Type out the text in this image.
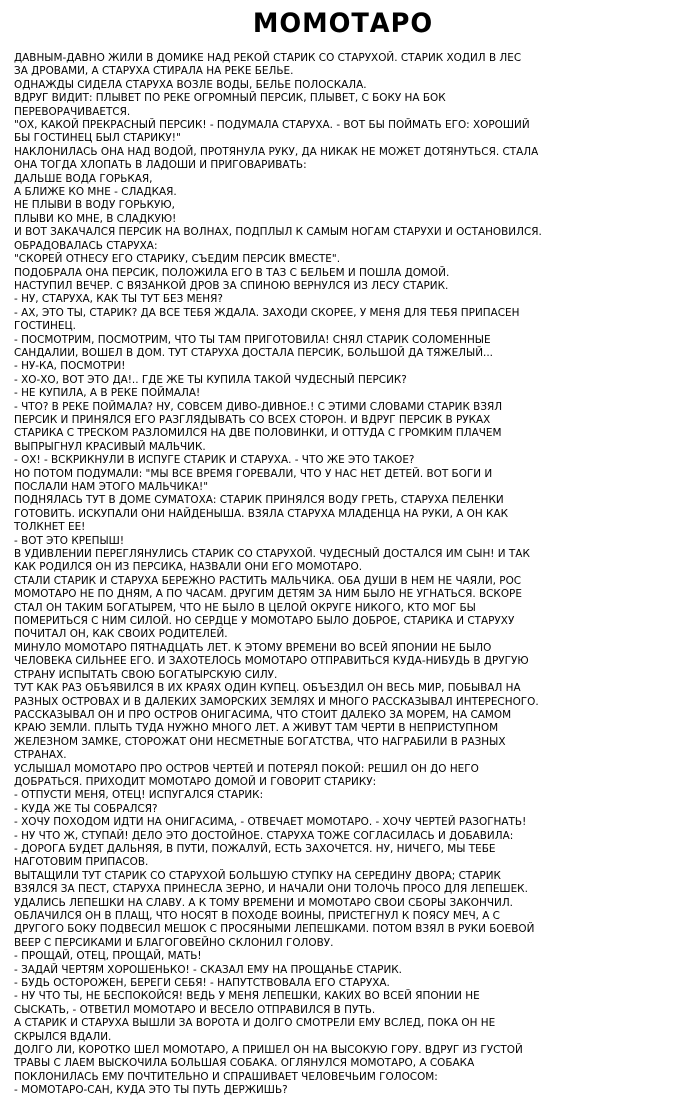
МОМОТАРО
ДАВНЫМ-ДАВНО ЖИЛИ В ДОМИКЕ НАД РЕКОЙ СТАРИК СО СТАРУХОЙ. СТАРИК ХОДИЛ В ЛЕС
ЗА ДРОВАМИ, А СТАРУХА СТИРАЛА НА РЕКЕ БЕЛЬЕ.
ОДНАЖДЫ СИДЕЛА СТАРУХА ВОЗЛЕ ВОДЫ, БЕЛЬЕ ПОЛОСКАЛА.
ВДРУГ ВИДИТ: ПЛЫВЕТ ПО РЕКЕ ОГРОМНЫЙ ПЕРСИК, ПЛЫВЕТ, С БОКУ НА БОК
ПЕРЕВОРАЧИВАЕТСЯ.
"ОХ, КАКОЙ ПРЕКРАСНЫЙ ПЕРСИК! - ПОДУМАЛА СТАРУХА. - ВОТ БЫ ПОЙМАТЬ ЕГО: ХОРОШИЙ
БЫ ГОСТИНЕЦ БЫЛ СТАРИКУ!"
НАКЛОНИЛАСЬ ОНА НАД ВОДОЙ, ПРОТЯНУЛА РУКУ, ДА НИКАК НЕ МОЖЕТ ДОТЯНУТЬСЯ. СТАЛА
ОНА ТОГДА ХЛОПАТЬ В ЛАДОШИ И ПРИГОВАРИВАТЬ:
ДАЛЬШЕ ВОДА ГОРЬКАЯ,
А БЛИЖЕ КО МНЕ - СЛАДКАЯ.
НЕ ПЛЫВИ В ВОДУ ГОРЬКУЮ,
ПЛЫВИ КО МНЕ, В СЛАДКУЮ!
И ВОТ ЗАКАЧАЛСЯ ПЕРСИК НА ВОЛНАХ, ПОДПЛЫЛ К САМЫМ НОГАМ СТАРУХИ И ОСТАНОВИЛСЯ.
ОБРАДОВАЛАСЬ СТАРУХА:
"СКОРЕЙ ОТНЕСУ ЕГО СТАРИКУ, СЪЕДИМ ПЕРСИК ВМЕСТЕ".
ПОДОБРАЛА ОНА ПЕРСИК, ПОЛОЖИЛА ЕГО В ТАЗ С БЕЛЬЕМ И ПОШЛА ДОМОЙ.
НАСТУПИЛ ВЕЧЕР. С ВЯЗАНКОЙ ДРОВ ЗА СПИНОЮ ВЕРНУЛСЯ ИЗ ЛЕСУ СТАРИК.
- НУ, СТАРУХА, КАК ТЫ ТУТ БЕЗ МЕНЯ?
- АХ, ЭТО ТЫ, СТАРИК? ДА ВСЕ ТЕБЯ ЖДАЛА. ЗАХОДИ СКОРЕЕ, У МЕНЯ ДЛЯ ТЕБЯ ПРИПАСЕН
ГОСТИНЕЦ.
- ПОСМОТРИМ, ПОСМОТРИМ, ЧТО ТЫ ТАМ ПРИГОТОВИЛА! СНЯЛ СТАРИК СОЛОМЕННЫЕ
САНДАЛИИ, ВОШЕЛ В ДОМ. ТУТ СТАРУХА ДОСТАЛА ПЕРСИК, БОЛЬШОЙ ДА ТЯЖЕЛЫЙ...
- НУ-КА, ПОСМОТРИ!
- ХО-ХО, ВОТ ЭТО ДА!.. ГДЕ ЖЕ ТЫ КУПИЛА ТАКОЙ ЧУДЕСНЫЙ ПЕРСИК?
- НЕ КУПИЛА, А В РЕКЕ ПОЙМАЛА!
- ЧТО? В РЕКЕ ПОЙМАЛА? НУ, СОВСЕМ ДИВО-ДИВНОЕ.! С ЭТИМИ СЛОВАМИ СТАРИК ВЗЯЛ
ПЕРСИК И ПРИНЯЛСЯ ЕГО РАЗГЛЯДЫВАТЬ СО ВСЕХ СТОРОН. И ВДРУГ ПЕРСИК В РУКАХ
СТАРИКА С ТРЕСКОМ РАЗЛОМИЛСЯ НА ДВЕ ПОЛОВИНКИ, И ОТТУДА С ГРОМКИМ ПЛАЧЕМ
ВЫПРЫГНУЛ КРАСИВЫЙ МАЛЬЧИК.
- ОХ! - ВСКРИКНУЛИ В ИСПУГЕ СТАРИК И СТАРУХА. - ЧТО ЖЕ ЭТО ТАКОЕ?
НО ПОТОМ ПОДУМАЛИ: "МЫ ВСЕ ВРЕМЯ ГОРЕВАЛИ, ЧТО У НАС НЕТ ДЕТЕЙ. ВОТ БОГИ И
ПОСЛАЛИ НАМ ЭТОГО МАЛЬЧИКА!"
ПОДНЯЛАСЬ ТУТ В ДОМЕ СУМАТОХА: СТАРИК ПРИНЯЛСЯ ВОДУ ГРЕТЬ, СТАРУХА ПЕЛЕНКИ
ГОТОВИТЬ. ИСКУПАЛИ ОНИ НАЙДЕНЫША. ВЗЯЛА СТАРУХА МЛАДЕНЦА НА РУКИ, А ОН КАК
ТОЛКНЕТ ЕЕ!
- ВОТ ЭТО КРЕПЫШ!
В УДИВЛЕНИИ ПЕРЕГЛЯНУЛИСЬ СТАРИК СО СТАРУХОЙ. ЧУДЕСНЫЙ ДОСТАЛСЯ ИМ СЫН! И ТАК
КАК РОДИЛСЯ ОН ИЗ ПЕРСИКА, НАЗВАЛИ ОНИ ЕГО МОМОТАРО.
СТАЛИ СТАРИК И СТАРУХА БЕРЕЖНО РАСТИТЬ МАЛЬЧИКА. ОБА ДУШИ В НЕМ НЕ ЧАЯЛИ, РОС
МОМОТАРО НЕ ПО ДНЯМ, А ПО ЧАСАМ. ДРУГИМ ДЕТЯМ ЗА НИМ БЫЛО НЕ УГНАТЬСЯ. ВСКОРЕ
СТАЛ ОН ТАКИМ БОГАТЫРЕМ, ЧТО НЕ БЫЛО В ЦЕЛОЙ ОКРУГЕ НИКОГО, КТО МОГ БЫ
ПОМЕРИТЬСЯ С НИМ СИЛОЙ. НО СЕРДЦЕ У МОМОТАРО БЫЛО ДОБРОЕ, СТАРИКА И СТАРУХУ
ПОЧИТАЛ ОН, КАК СВОИХ РОДИТЕЛЕЙ.
МИНУЛО МОМОТАРО ПЯТНАДЦАТЬ ЛЕТ. К ЭТОМУ ВРЕМЕНИ ВО ВСЕЙ ЯПОНИИ НЕ БЫЛО
ЧЕЛОВЕКА СИЛЬНЕЕ ЕГО. И ЗАХОТЕЛОСЬ МОМОТАРО ОТПРАВИТЬСЯ КУДА-НИБУДЬ В ДРУГУЮ
СТРАНУ ИСПЫТАТЬ СВОЮ БОГАТЫРСКУЮ СИЛУ.
ТУТ КАК РАЗ ОБЪЯВИЛСЯ В ИХ КРАЯХ ОДИН КУПЕЦ. ОБЪЕЗДИЛ ОН ВЕСЬ МИР, ПОБЫВАЛ НА
РАЗНЫХ ОСТРОВАХ И В ДАЛЕКИХ ЗАМОРСКИХ ЗЕМЛЯХ И МНОГО РАССКАЗЫВАЛ ИНТЕРЕСНОГО.
РАССКАЗЫВАЛ ОН И ПРО ОСТРОВ ОНИГАСИМА, ЧТО СТОИТ ДАЛЕКО ЗА МОРЕМ, НА САМОМ
КРАЮ ЗЕМЛИ. ПЛЫТЬ ТУДА НУЖНО МНОГО ЛЕТ. А ЖИВУТ ТАМ ЧЕРТИ В НЕПРИСТУПНОМ
ЖЕЛЕЗНОМ ЗАМКЕ, СТОРОЖАТ ОНИ НЕСМЕТНЫЕ БОГАТСТВА, ЧТО НАГРАБИЛИ В РАЗНЫХ
СТРАНАХ.
УСЛЫШАЛ МОМОТАРО ПРО ОСТРОВ ЧЕРТЕЙ И ПОТЕРЯЛ ПОКОЙ: РЕШИЛ ОН ДО НЕГО
ДОБРАТЬСЯ. ПРИХОДИТ МОМОТАРО ДОМОЙ И ГОВОРИТ СТАРИКУ:
- ОТПУСТИ МЕНЯ, ОТЕЦ! ИСПУГАЛСЯ СТАРИК:
- КУДА ЖЕ ТЫ СОБРАЛСЯ?
- ХОЧУ ПОХОДОМ ИДТИ НА ОНИГАСИМА, - ОТВЕЧАЕТ МОМОТАРО. - ХОЧУ ЧЕРТЕЙ РАЗОГНАТЬ!
- НУ ЧТО Ж, СТУПАЙ! ДЕЛО ЭТО ДОСТОЙНОЕ. СТАРУХА ТОЖЕ СОГЛАСИЛАСЬ И ДОБАВИЛА:
- ДОРОГА БУДЕТ ДАЛЬНЯЯ, В ПУТИ, ПОЖАЛУЙ, ЕСТЬ ЗАХОЧЕТСЯ. НУ, НИЧЕГО, МЫ ТЕБЕ
НАГОТОВИМ ПРИПАСОВ.
ВЫТАЩИЛИ ТУТ СТАРИК СО СТАРУХОЙ БОЛЬШУЮ СТУПКУ НА СЕРЕДИНУ ДВОРА; СТАРИК
ВЗЯЛСЯ ЗА ПЕСТ, СТАРУХА ПРИНЕСЛА ЗЕРНО, И НАЧАЛИ ОНИ ТОЛОЧЬ ПРОСО ДЛЯ ЛЕПЕШЕК.
УДАЛИСЬ ЛЕПЕШКИ НА СЛАВУ. А К ТОМУ ВРЕМЕНИ И МОМОТАРО СВОИ СБОРЫ ЗАКОНЧИЛ.
ОБЛАЧИЛСЯ ОН В ПЛАЩ, ЧТО НОСЯТ В ПОХОДЕ ВОИНЫ, ПРИСТЕГНУЛ К ПОЯСУ МЕЧ, А С
ДРУГОГО БОКУ ПОДВЕСИЛ МЕШОК С ПРОСЯНЫМИ ЛЕПЕШКАМИ. ПОТОМ ВЗЯЛ В РУКИ БОЕВОЙ
ВЕЕР С ПЕРСИКАМИ И БЛАГОГОВЕЙНО СКЛОНИЛ ГОЛОВУ.
- ПРОЩАЙ, ОТЕЦ, ПРОЩАЙ, МАТЬ!
- ЗАДАЙ ЧЕРТЯМ ХОРОШЕНЬКО! - СКАЗАЛ ЕМУ НА ПРОЩАНЬЕ СТАРИК.
- БУДЬ ОСТОРОЖЕН, БЕРЕГИ СЕБЯ! - НАПУТСТВОВАЛА ЕГО СТАРУХА.
- НУ ЧТО ТЫ, НЕ БЕСПОКОЙСЯ! ВЕДЬ У МЕНЯ ЛЕПЕШКИ, КАКИХ ВО ВСЕЙ ЯПОНИИ НЕ
СЫСКАТЬ, - ОТВЕТИЛ МОМОТАРО И ВЕСЕЛО ОТПРАВИЛСЯ В ПУТЬ.
А СТАРИК И СТАРУХА ВЫШЛИ ЗА ВОРОТА И ДОЛГО СМОТРЕЛИ ЕМУ ВСЛЕД, ПОКА ОН НЕ
СКРЫЛСЯ ВДАЛИ.
ДОЛГО ЛИ, КОРОТКО ШЕЛ МОМОТАРО, А ПРИШЕЛ ОН НА ВЫСОКУЮ ГОРУ. ВДРУГ ИЗ ГУСТОЙ
ТРАВЫ С ЛАЕМ ВЫСКОЧИЛА БОЛЬШАЯ СОБАКА. ОГЛЯНУЛСЯ МОМОТАРО, А СОБАКА
ПОКЛОНИЛАСЬ ЕМУ ПОЧТИТЕЛЬНО И СПРАШИВАЕТ ЧЕЛОВЕЧЬИМ ГОЛОСОМ:
- МОМОТАРО-САН, КУДА ЭТО ТЫ ПУТЬ ДЕРЖИШЬ?
